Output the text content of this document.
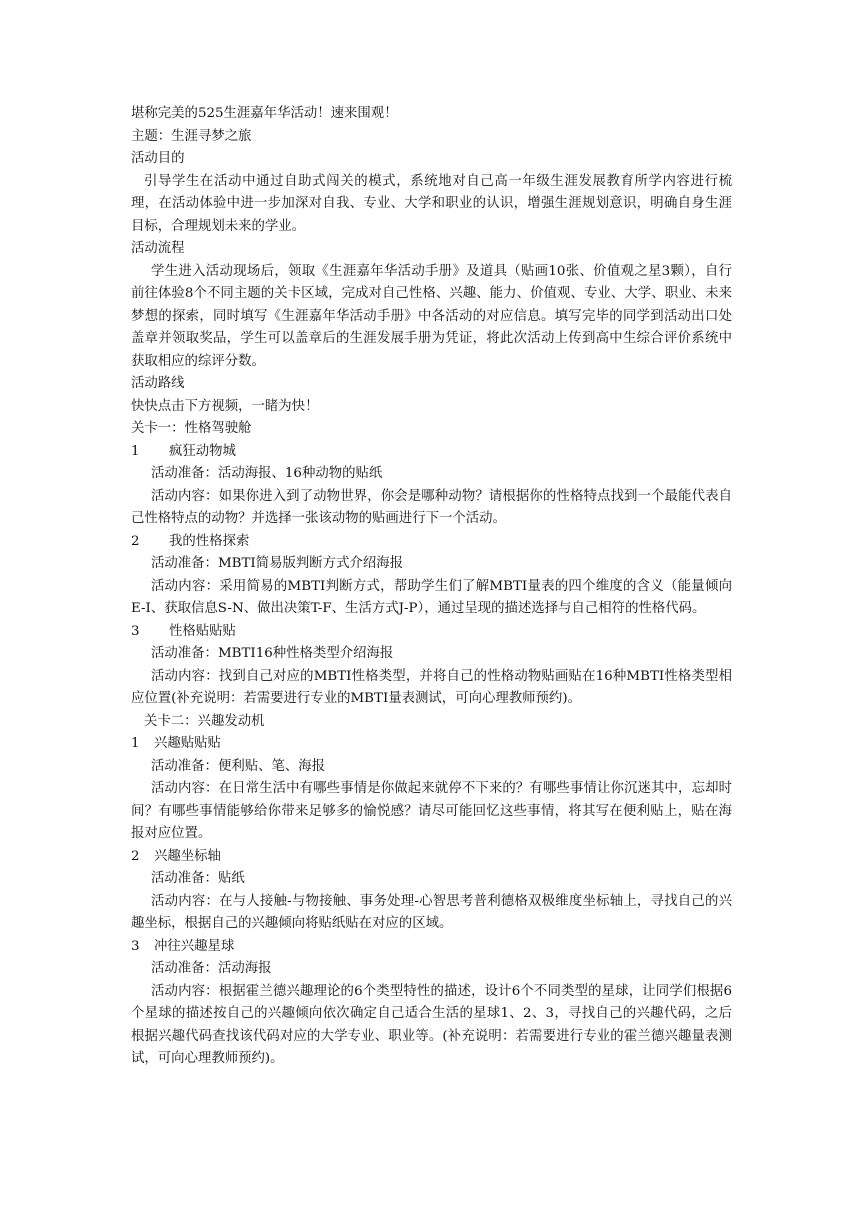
堪称完美的525生涯嘉年华活动！速来围观！
主题：生涯寻梦之旅
活动目的
引导学生在活动中通过自助式闯关的模式，系统地对自己高一年级生涯发展教育所学内容进行梳理，在活动体验中进一步加深对自我、专业、大学和职业的认识，增强生涯规划意识，明确自身生涯目标，合理规划未来的学业。
活动流程
学生进入活动现场后，领取《生涯嘉年华活动手册》及道具（贴画10张、价值观之星3颗），自行前往体验8个不同主题的关卡区域，完成对自己性格、兴趣、能力、价值观、专业、大学、职业、未来梦想的探索，同时填写《生涯嘉年华活动手册》中各活动的对应信息。填写完毕的同学到活动出口处盖章并领取奖品，学生可以盖章后的生涯发展手册为凭证，将此次活动上传到高中生综合评价系统中获取相应的综评分数。
活动路线
快快点击下方视频，一睹为快！
关卡一：性格驾驶舱
1	疯狂动物城
活动准备：活动海报、16种动物的贴纸
活动内容：如果你进入到了动物世界，你会是哪种动物？请根据你的性格特点找到一个最能代表自己性格特点的动物？并选择一张该动物的贴画进行下一个活动。
2	我的性格探索
活动准备：MBTI简易版判断方式介绍海报
活动内容：采用简易的MBTI判断方式，帮助学生们了解MBTI量表的四个维度的含义（能量倾向E-I、获取信息S-N、做出决策T-F、生活方式J-P），通过呈现的描述选择与自己相符的性格代码。
3	性格贴贴贴
活动准备：MBTI16种性格类型介绍海报
活动内容：找到自己对应的MBTI性格类型，并将自己的性格动物贴画贴在16种MBTI性格类型相应位置(补充说明：若需要进行专业的MBTI量表测试，可向心理教师预约)。
关卡二：兴趣发动机
1	兴趣贴贴贴
活动准备：便利贴、笔、海报
活动内容：在日常生活中有哪些事情是你做起来就停不下来的？有哪些事情让你沉迷其中，忘却时间？有哪些事情能够给你带来足够多的愉悦感？请尽可能回忆这些事情，将其写在便利贴上，贴在海报对应位置。
2	兴趣坐标轴
活动准备：贴纸
活动内容：在与人接触-与物接触、事务处理-心智思考普利德格双极维度坐标轴上，寻找自己的兴趣坐标，根据自己的兴趣倾向将贴纸贴在对应的区域。
3	冲往兴趣星球
活动准备：活动海报
活动内容：根据霍兰德兴趣理论的6个类型特性的描述，设计6个不同类型的星球，让同学们根据6个星球的描述按自己的兴趣倾向依次确定自己适合生活的星球1、2、3，寻找自己的兴趣代码，之后根据兴趣代码查找该代码对应的大学专业、职业等。(补充说明：若需要进行专业的霍兰德兴趣量表测试，可向心理教师预约)。
